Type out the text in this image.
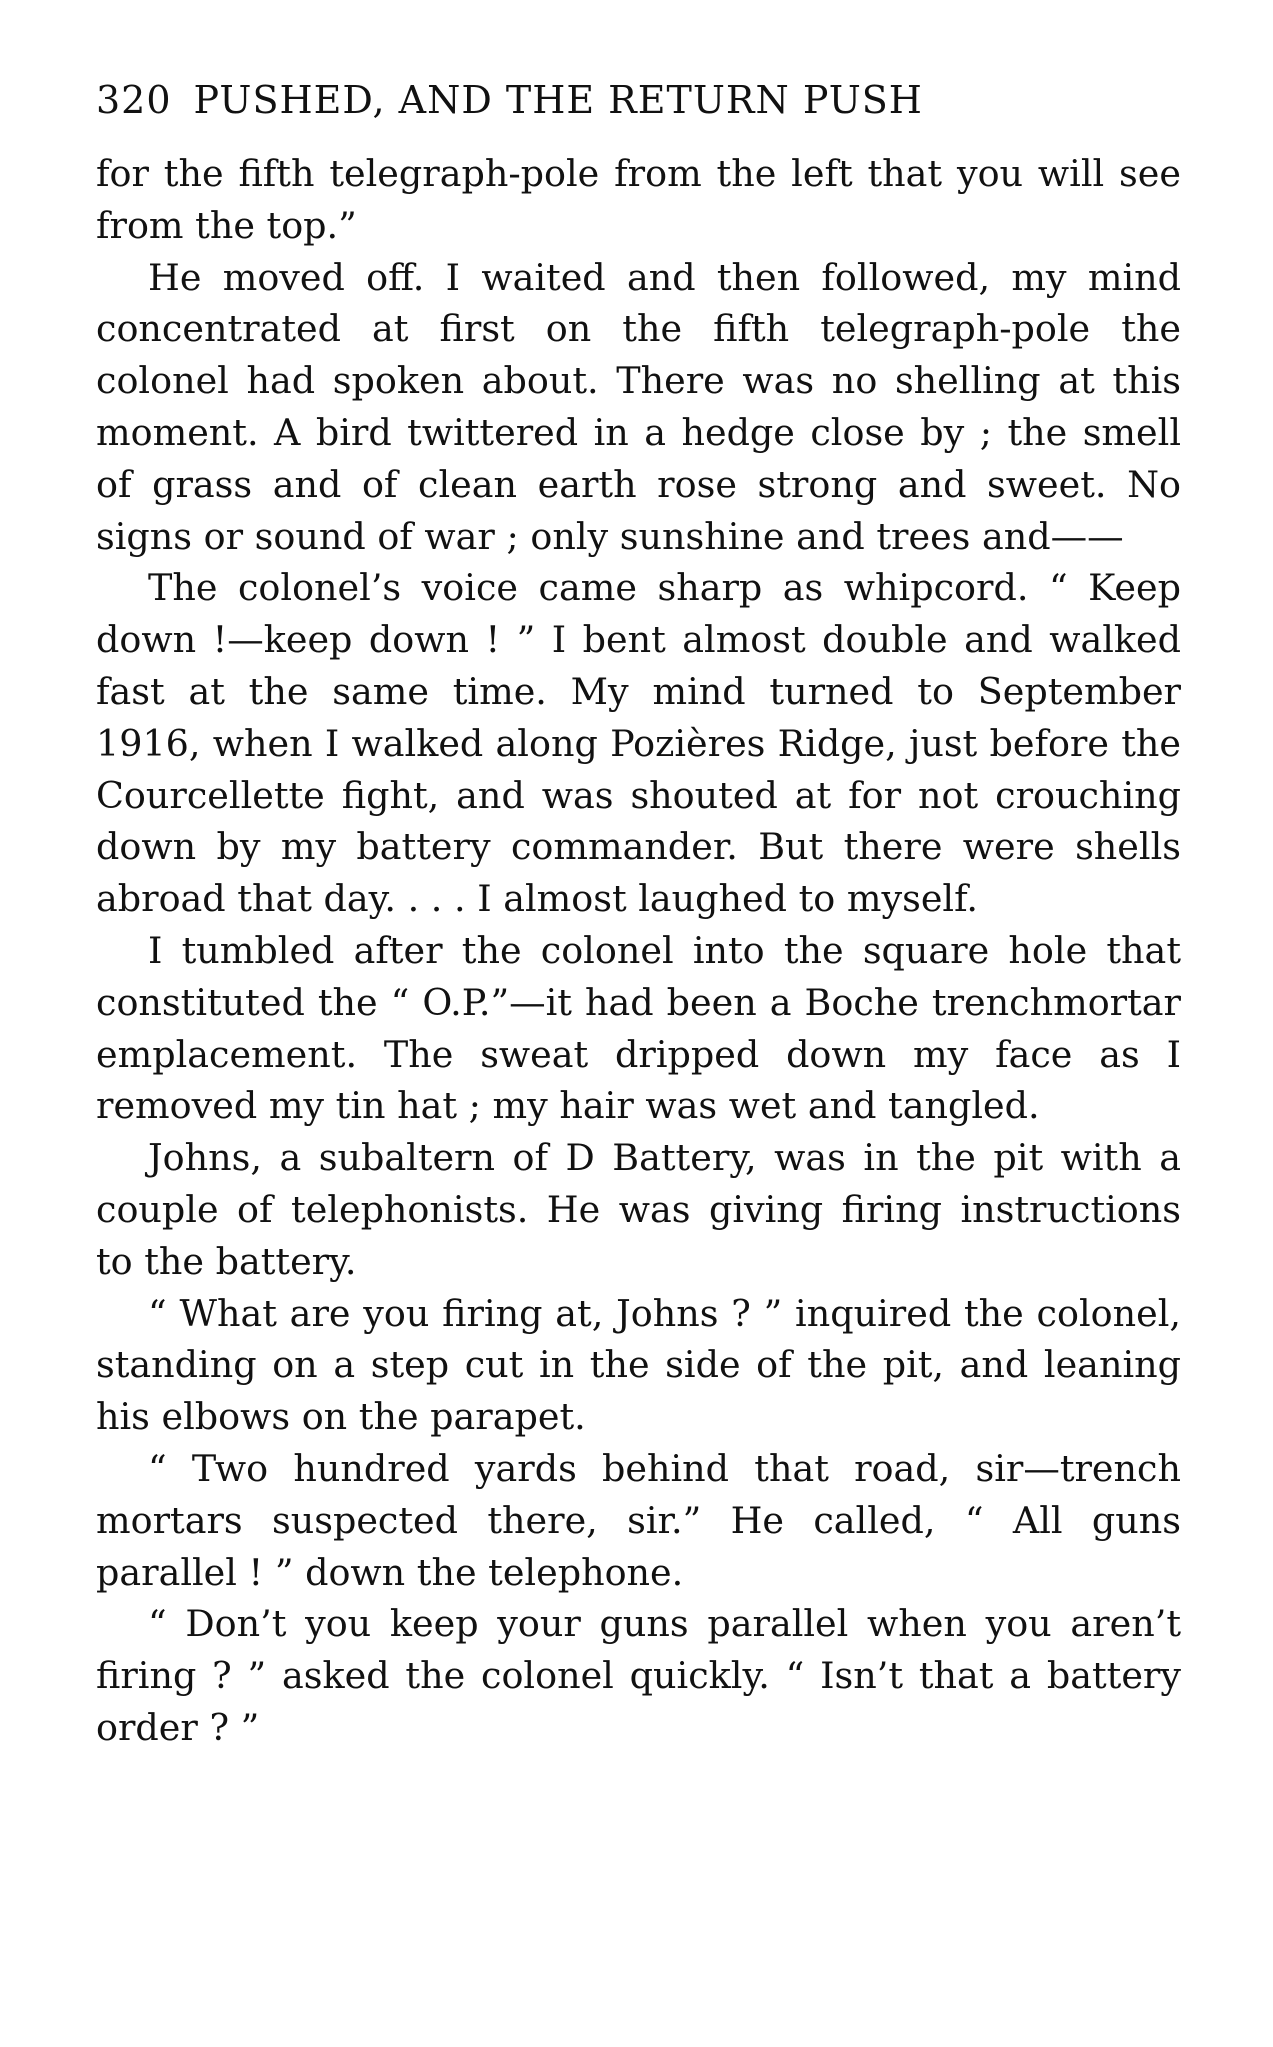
320 PUSHED, AND THE RETURN PUSH

for the fifth telegraph-pole from the left that you will see from the top.”

He moved off. I waited and then followed, my mind concentrated at first on the fifth telegraph-pole the colonel had spoken about. There was no shelling at this moment. A bird twittered in a hedge close by ; the smell of grass and of clean earth rose strong and sweet. No signs or sound of war ; only sunshine and trees and——

The colonel’s voice came sharp as whipcord. “ Keep down !—keep down ! ” I bent almost double and walked fast at the same time. My mind turned to September 1916, when I walked along Pozières Ridge, just before the Courcellette fight, and was shouted at for not crouching down by my battery commander. But there were shells abroad that day. . . . I almost laughed to myself.

I tumbled after the colonel into the square hole that constituted the “ O.P.”—it had been a Boche trenchmortar emplacement. The sweat dripped down my face as I removed my tin hat ; my hair was wet and tangled.

Johns, a subaltern of D Battery, was in the pit with a couple of telephonists. He was giving firing instructions to the battery.

“ What are you firing at, Johns ? ” inquired the colonel, standing on a step cut in the side of the pit, and leaning his elbows on the parapet.

“ Two hundred yards behind that road, sir—trench mortars suspected there, sir.” He called, “ All guns parallel ! ” down the telephone.

“ Don’t you keep your guns parallel when you aren’t firing ? ” asked the colonel quickly. “ Isn’t that a battery order ? ”
